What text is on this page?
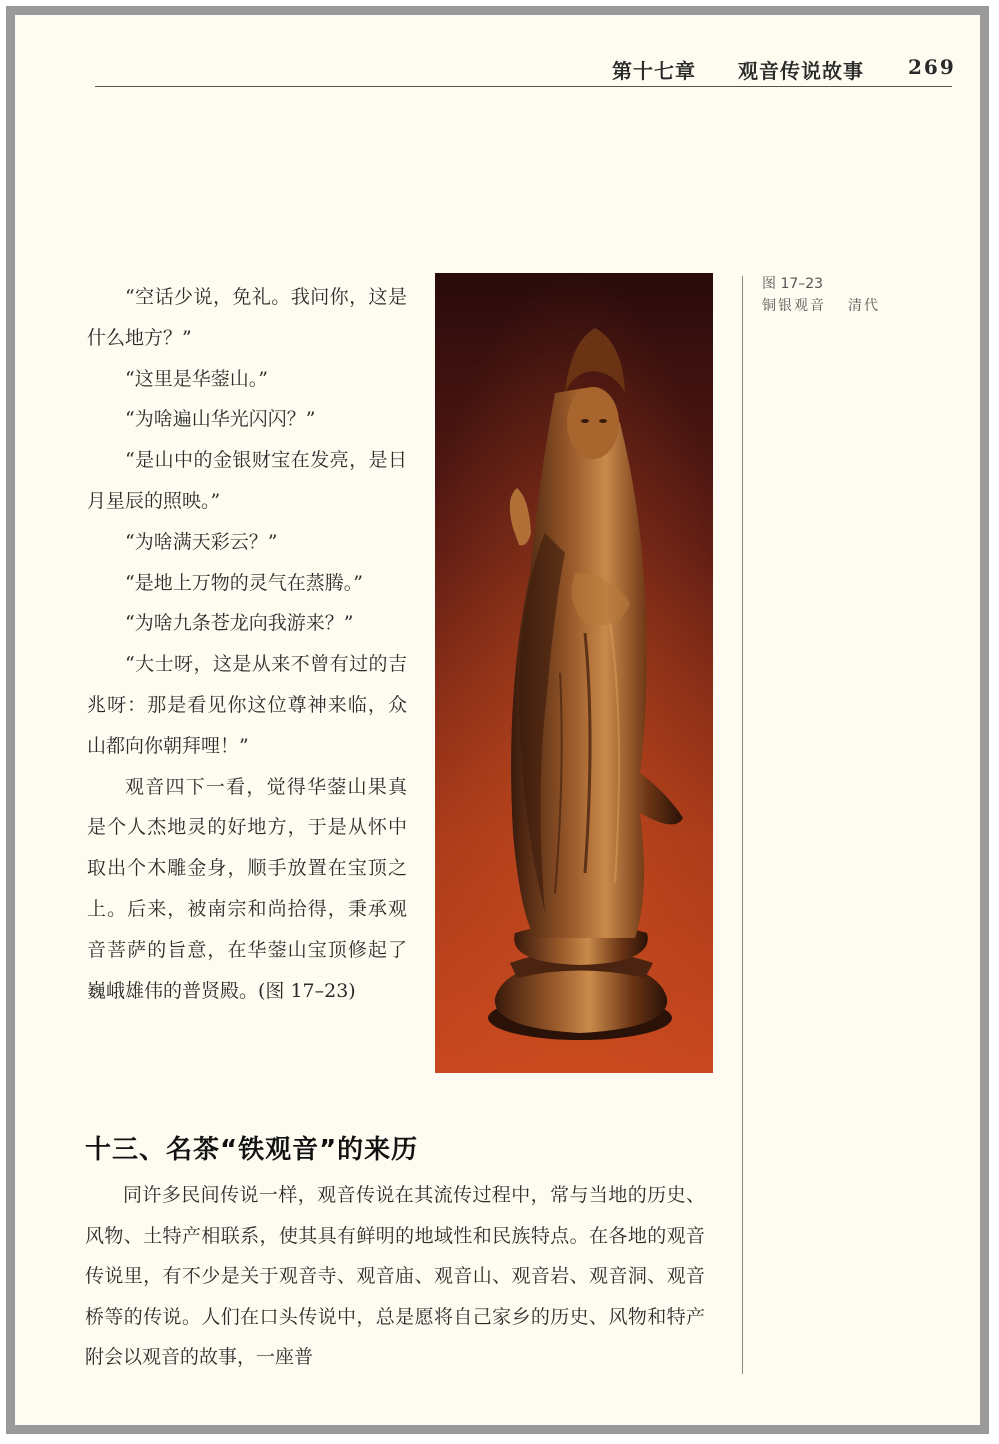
第十七章 观音传说故事 269

“空话少说，免礼。我问你，这是什么地方？”

“这里是华蓥山。”

“为啥遍山华光闪闪？”

“是山中的金银财宝在发亮，是日月星辰的照映。”

“为啥满天彩云？”

“是地上万物的灵气在蒸腾。”

“为啥九条苍龙向我游来？”

“大士呀，这是从来不曾有过的吉兆呀：那是看见你这位尊神来临，众山都向你朝拜哩！”

观音四下一看，觉得华蓥山果真是个人杰地灵的好地方，于是从怀中取出个木雕金身，顺手放置在宝顶之上。后来，被南宗和尚拾得，秉承观音菩萨的旨意，在华蓥山宝顶修起了巍峨雄伟的普贤殿。(图 17–23)

图 17–23
铜银观音 清代
十三、名茶“铁观音”的来历

同许多民间传说一样，观音传说在其流传过程中，常与当地的历史、风物、土特产相联系，使其具有鲜明的地域性和民族特点。在各地的观音传说里，有不少是关于观音寺、观音庙、观音山、观音岩、观音洞、观音桥等的传说。人们在口头传说中，总是愿将自己家乡的历史、风物和特产附会以观音的故事，一座普
